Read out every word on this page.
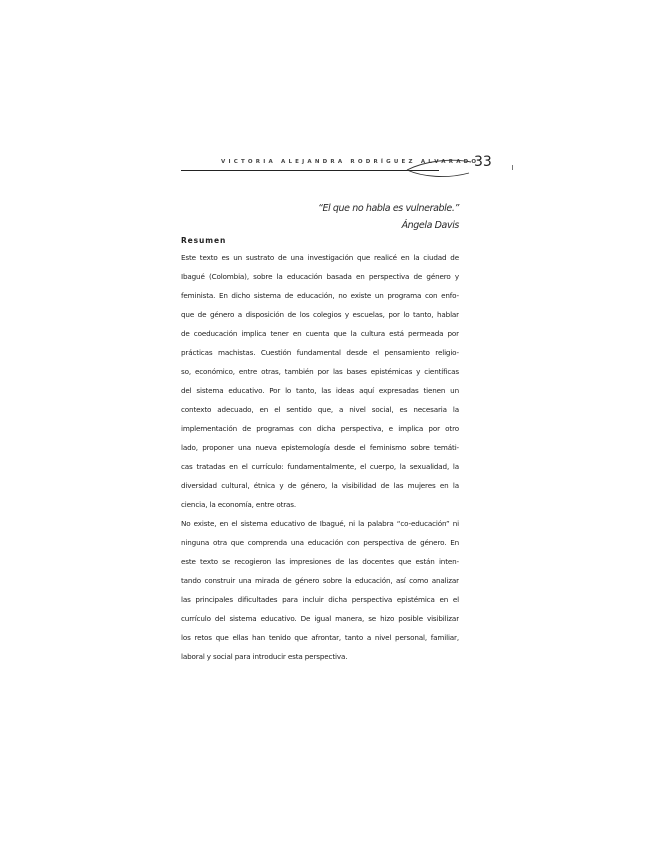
VICTORIA ALEJANDRA RODRÍGUEZ ALVARADO
33
“El que no habla es vulnerable.”
Ángela Davis
Resumen
Este texto es un sustrato de una investigación que realicé en la ciudad de
Ibagué (Colombia), sobre la educación basada en perspectiva de género y
feminista. En dicho sistema de educación, no existe un programa con enfo-
que de género a disposición de los colegios y escuelas, por lo tanto, hablar
de coeducación implica tener en cuenta que la cultura está permeada por
prácticas machistas. Cuestión fundamental desde el pensamiento religio-
so, económico, entre otras, también por las bases epistémicas y científicas
del sistema educativo. Por lo tanto, las ideas aquí expresadas tienen un
contexto adecuado, en el sentido que, a nivel social, es necesaria la
implementación de programas con dicha perspectiva, e implica por otro
lado, proponer una nueva epistemología desde el feminismo sobre temáti-
cas tratadas en el currículo: fundamentalmente, el cuerpo, la sexualidad, la
diversidad cultural, étnica y de género, la visibilidad de las mujeres en la
ciencia, la economía, entre otras.
No existe, en el sistema educativo de Ibagué, ni la palabra “co-educación” ni
ninguna otra que comprenda una educación con perspectiva de género. En
este texto se recogieron las impresiones de las docentes que están inten-
tando construir una mirada de género sobre la educación, así como analizar
las principales dificultades para incluir dicha perspectiva epistémica en el
currículo del sistema educativo. De igual manera, se hizo posible visibilizar
los retos que ellas han tenido que afrontar, tanto a nivel personal, familiar,
laboral y social para introducir esta perspectiva.
